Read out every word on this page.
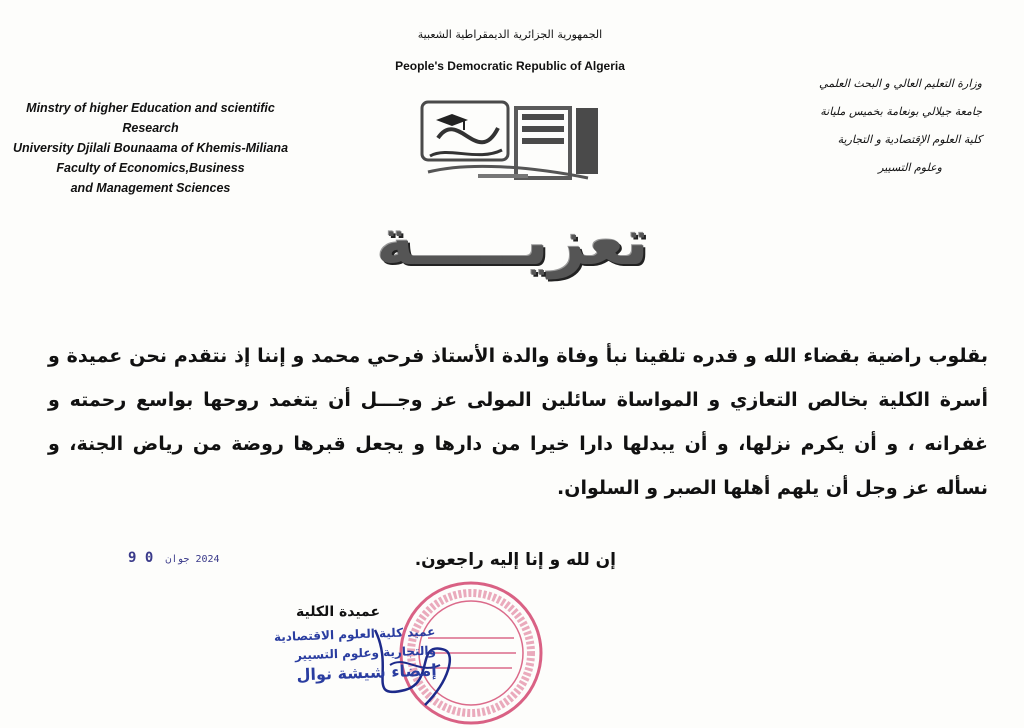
الجمهورية الجزائرية الديمقراطية الشعبية
People's Democratic Republic of Algeria
Minstry of higher Education and scientific
Research
University Djilali Bounaama of Khemis-Miliana
Faculty of Economics,Business
and Management Sciences
وزارة التعليم العالي و البحث العلمي
جامعة جيلالي بونعامة بخميس مليانة
كلية العلوم الإقتصادية و التجارية
وعلوم التسيير
تعزيـــــة

بقلوب راضية بقضاء الله و قدره تلقينا نبأ وفاة والدة الأستاذ فرحي محمد و إننا إذ نتقدم نحن عميدة و أسرة الكلية بخالص التعازي و المواساة سائلين المولى عز وجـــل أن يتغمد روحها بواسع رحمته و غفرانه ، و أن يكرم نزلها، و أن يبدلها دارا خيرا من دارها و يجعل قبرها روضة من رياض الجنة، و نسأله عز وجل أن يلهم أهلها الصبر و السلوان.

2024 جوان 0 9	إن لله و إنا إليه راجعون.
عميدة الكلية
عميد كلية العلوم الاقتصادية
والتجارية وعلوم التسيير
إمضاء شيشة نوال
